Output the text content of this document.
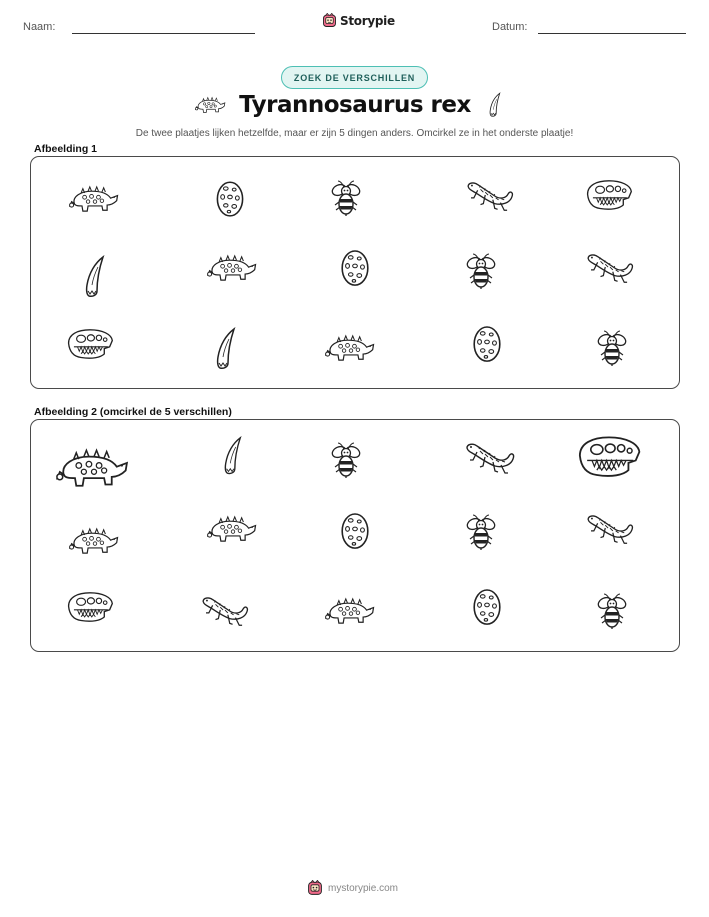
Naam:	Storypie	Datum:
ZOEK DE VERSCHILLEN
Tyrannosaurus rex
De twee plaatjes lijken hetzelfde, maar er zijn 5 dingen anders. Omcirkel ze in het onderste plaatje!
Afbeelding 1
Afbeelding 2 (omcirkel de 5 verschillen)
mystorypie.com
